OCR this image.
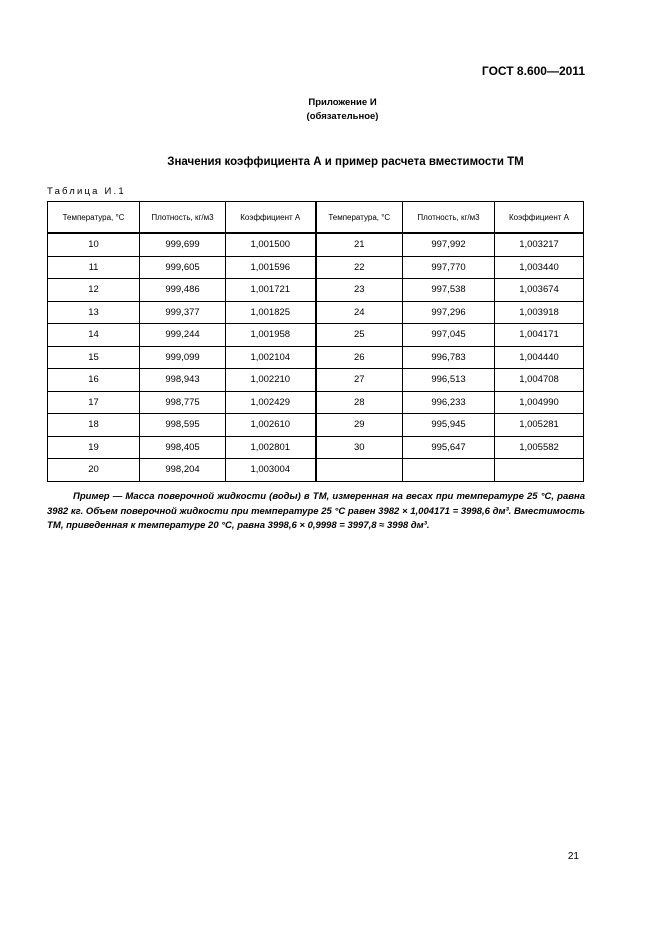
ГОСТ 8.600—2011
Приложение И
(обязательное)
Значения коэффициента А и пример расчета вместимости ТМ
Таблица И.1
Температура, °С	Плотность, кг/м3	Коэффициент A	Температура, °С	Плотность, кг/м3	Коэффициент A
10	999,699	1,001500	21	997,992	1,003217
11	999,605	1,001596	22	997,770	1,003440
12	999,486	1,001721	23	997,538	1,003674
13	999,377	1,001825	24	997,296	1,003918
14	999,244	1,001958	25	997,045	1,004171
15	999,099	1,002104	26	996,783	1,004440
16	998,943	1,002210	27	996,513	1,004708
17	998,775	1,002429	28	996,233	1,004990
18	998,595	1,002610	29	995,945	1,005281
19	998,405	1,002801	30	995,647	1,005582
20	998,204	1,003004			

Пример — Масса поверочной жидкости (воды) в ТМ, измеренная на весах при температуре 25 °С, равна 3982 кг. Объем поверочной жидкости при температуре 25 °С равен 3982 × 1,004171 = 3998,6 дм³. Вместимость ТМ, приведенная к температуре 20 °С, равна 3998,6 × 0,9998 = 3997,8 ≈ 3998 дм³.

21
